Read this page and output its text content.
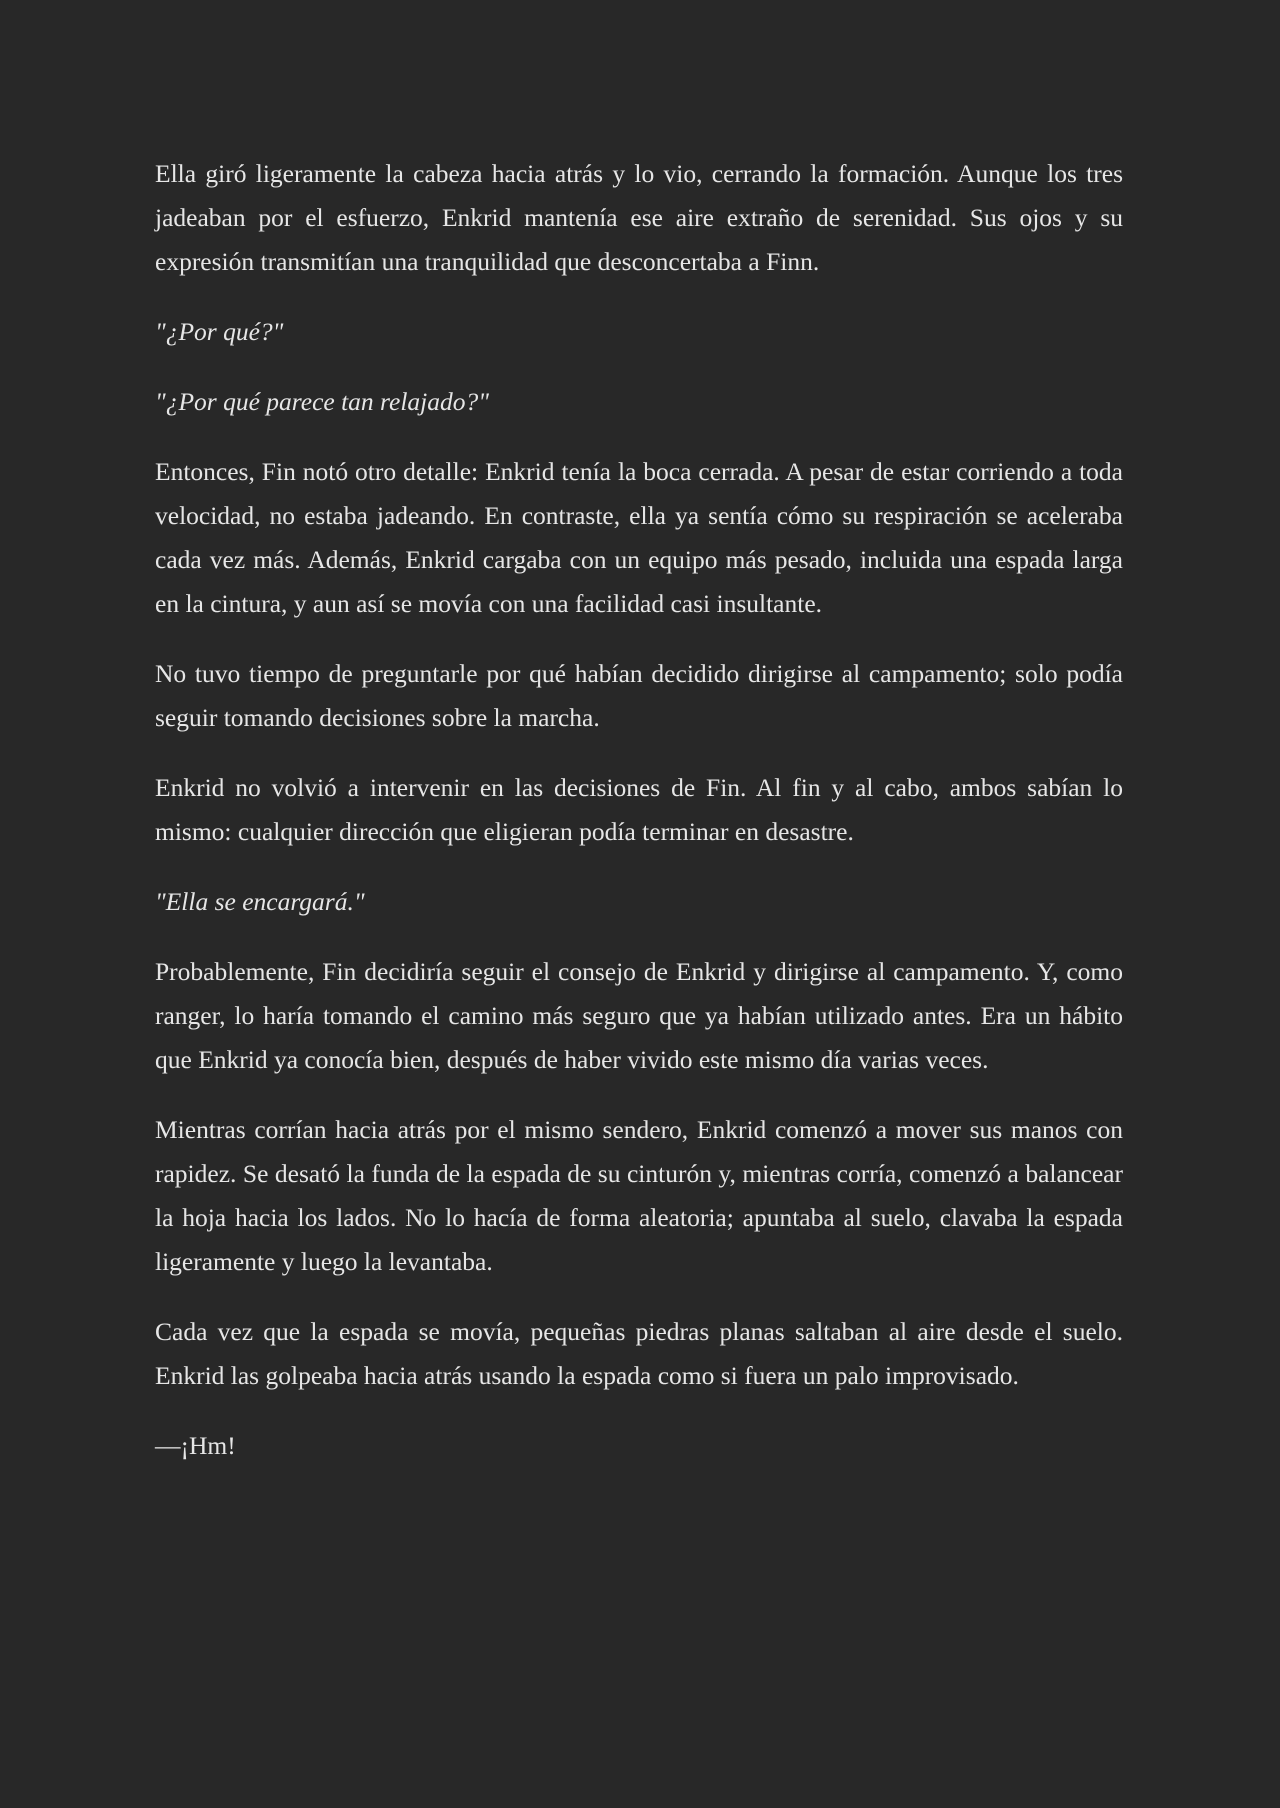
Ella giró ligeramente la cabeza hacia atrás y lo vio, cerrando la formación. Aunque los tres jadeaban por el esfuerzo, Enkrid mantenía ese aire extraño de serenidad. Sus ojos y su expresión transmitían una tranquilidad que desconcertaba a Finn.

"¿Por qué?"

"¿Por qué parece tan relajado?"

Entonces, Fin notó otro detalle: Enkrid tenía la boca cerrada. A pesar de estar corriendo a toda velocidad, no estaba jadeando. En contraste, ella ya sentía cómo su respiración se aceleraba cada vez más. Además, Enkrid cargaba con un equipo más pesado, incluida una espada larga en la cintura, y aun así se movía con una facilidad casi insultante.

No tuvo tiempo de preguntarle por qué habían decidido dirigirse al campamento; solo podía seguir tomando decisiones sobre la marcha.

Enkrid no volvió a intervenir en las decisiones de Fin. Al fin y al cabo, ambos sabían lo mismo: cualquier dirección que eligieran podía terminar en desastre.

"Ella se encargará."

Probablemente, Fin decidiría seguir el consejo de Enkrid y dirigirse al campamento. Y, como ranger, lo haría tomando el camino más seguro que ya habían utilizado antes. Era un hábito que Enkrid ya conocía bien, después de haber vivido este mismo día varias veces.

Mientras corrían hacia atrás por el mismo sendero, Enkrid comenzó a mover sus manos con rapidez. Se desató la funda de la espada de su cinturón y, mientras corría, comenzó a balancear la hoja hacia los lados. No lo hacía de forma aleatoria; apuntaba al suelo, clavaba la espada ligeramente y luego la levantaba.

Cada vez que la espada se movía, pequeñas piedras planas saltaban al aire desde el suelo. Enkrid las golpeaba hacia atrás usando la espada como si fuera un palo improvisado.

—¡Hm!
